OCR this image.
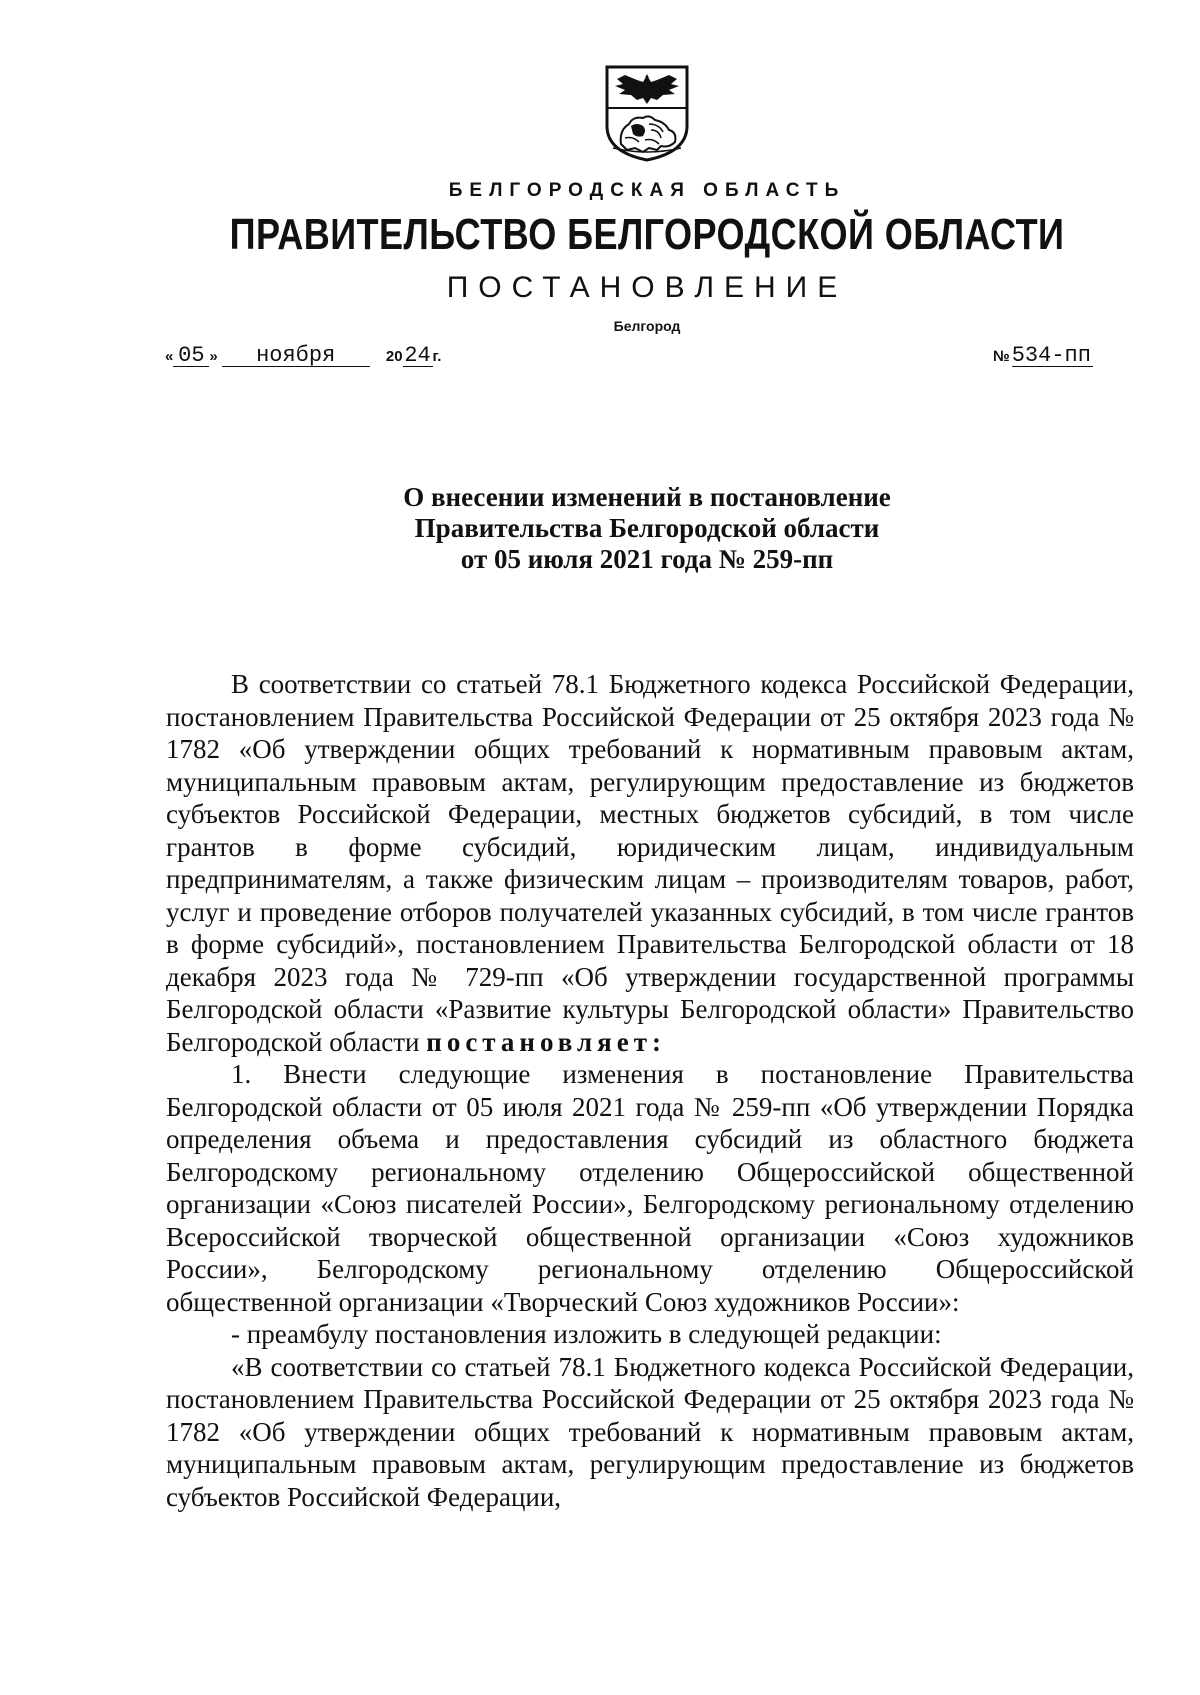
БЕЛГОРОДСКАЯ ОБЛАСТЬ
ПРАВИТЕЛЬСТВО БЕЛГОРОДСКОЙ ОБЛАСТИ
ПОСТАНОВЛЕНИЕ
Белгород
« 05 » ноября	2024 г.	№534-пп
О внесении изменений в постановление
Правительства Белгородской области
от 05 июля 2021 года № 259-пп

В соответствии со статьей 78.1 Бюджетного кодекса Российской Федерации, постановлением Правительства Российской Федерации от 25 октября 2023 года № 1782 «Об утверждении общих требований к нормативным правовым актам, муниципальным правовым актам, регулирующим предоставление из бюджетов субъектов Российской Федерации, местных бюджетов субсидий, в том числе грантов в форме субсидий, юридическим лицам, индивидуальным предпринимателям, а также физическим лицам – производителям товаров, работ, услуг и проведение отборов получателей указанных субсидий, в том числе грантов в форме субсидий», постановлением Правительства Белгородской области от 18 декабря 2023 года № 729-пп «Об утверждении государственной программы Белгородской области «Развитие культуры Белгородской области» Правительство Белгородской области постановляет:

1. Внести следующие изменения в постановление Правительства Белгородской области от 05 июля 2021 года № 259-пп «Об утверждении Порядка определения объема и предоставления субсидий из областного бюджета Белгородскому региональному отделению Общероссийской общественной организации «Союз писателей России», Белгородскому региональному отделению Всероссийской творческой общественной организации «Союз художников России», Белгородскому региональному отделению Общероссийской общественной организации «Творческий Союз художников России»:

- преамбулу постановления изложить в следующей редакции:

«В соответствии со статьей 78.1 Бюджетного кодекса Российской Федерации, постановлением Правительства Российской Федерации от 25 октября 2023 года № 1782 «Об утверждении общих требований к нормативным правовым актам, муниципальным правовым актам, регулирующим предоставление из бюджетов субъектов Российской Федерации,
